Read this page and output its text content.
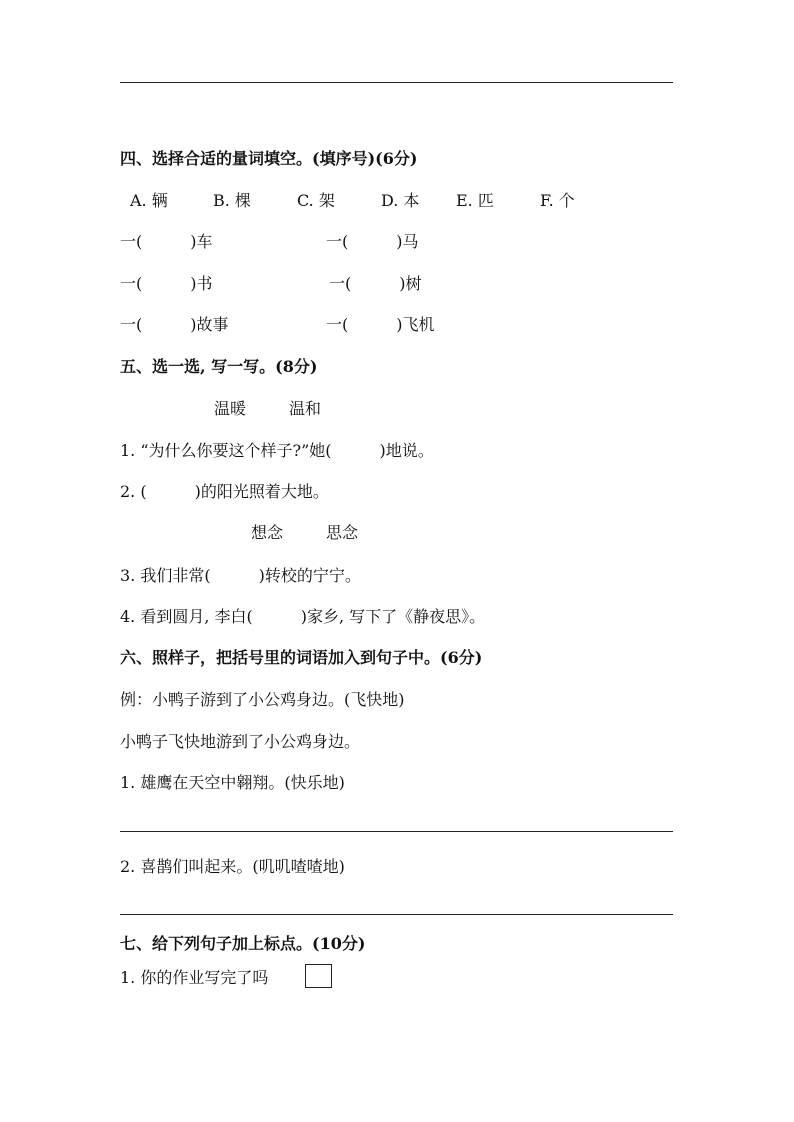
四、选择合适的量词填空。(填序号)(6分)
A. 辆	B. 棵	C. 架	D. 本 E. 匹	F. 个
一(　　　)车	一(　　　)马
一(　　　)书	一(　　　)树
一(　　　)故事	一(　　　)飞机
五、选一选, 写一写。(8分)
温暖	温和
1. “为什么你要这个样子?”她(　　　)地说。
2. (　　　)的阳光照着大地。
想念	思念
3. 我们非常(　　　)转校的宁宁。
4. 看到圆月, 李白(　　　)家乡, 写下了《静夜思》。
六、照样子，把括号里的词语加入到句子中。(6分)
例：小鸭子游到了小公鸡身边。(飞快地)
小鸭子飞快地游到了小公鸡身边。
1. 雄鹰在天空中翱翔。(快乐地)
2. 喜鹊们叫起来。(叽叽喳喳地)
七、给下列句子加上标点。(10分)
1. 你的作业写完了吗
